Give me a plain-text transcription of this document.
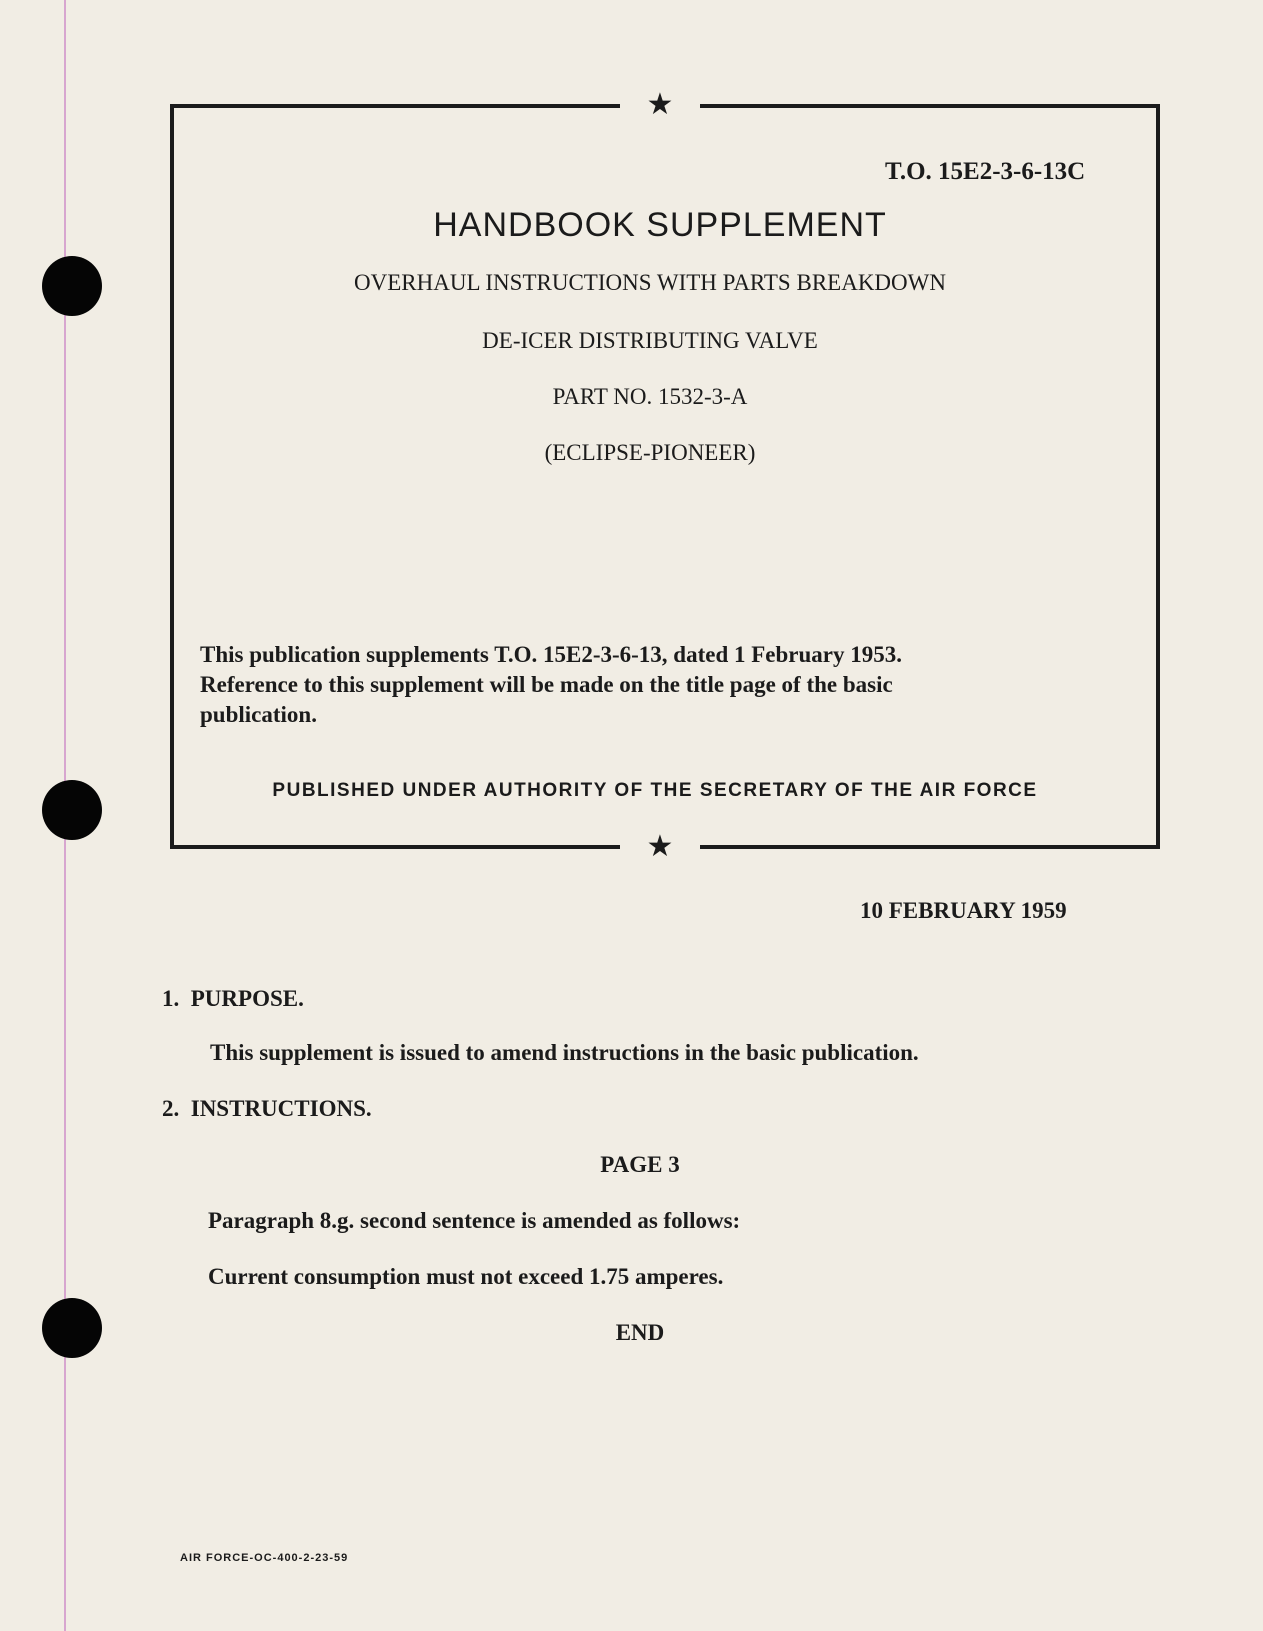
★
★
T.O. 15E2-3-6-13C
HANDBOOK SUPPLEMENT
OVERHAUL INSTRUCTIONS WITH PARTS BREAKDOWN
DE-ICER DISTRIBUTING VALVE
PART NO. 1532-3-A
(ECLIPSE-PIONEER)
This publication supplements T.O. 15E2-3-6-13, dated 1 February 1953.
Reference to this supplement will be made on the title page of the basic
publication.
PUBLISHED UNDER AUTHORITY OF THE SECRETARY OF THE AIR FORCE
10 FEBRUARY 1959
1.  PURPOSE.
This supplement is issued to amend instructions in the basic publication.
2.  INSTRUCTIONS.
PAGE 3
Paragraph 8.g. second sentence is amended as follows:
Current consumption must not exceed 1.75 amperes.
END
AIR FORCE-OC-400-2-23-59
